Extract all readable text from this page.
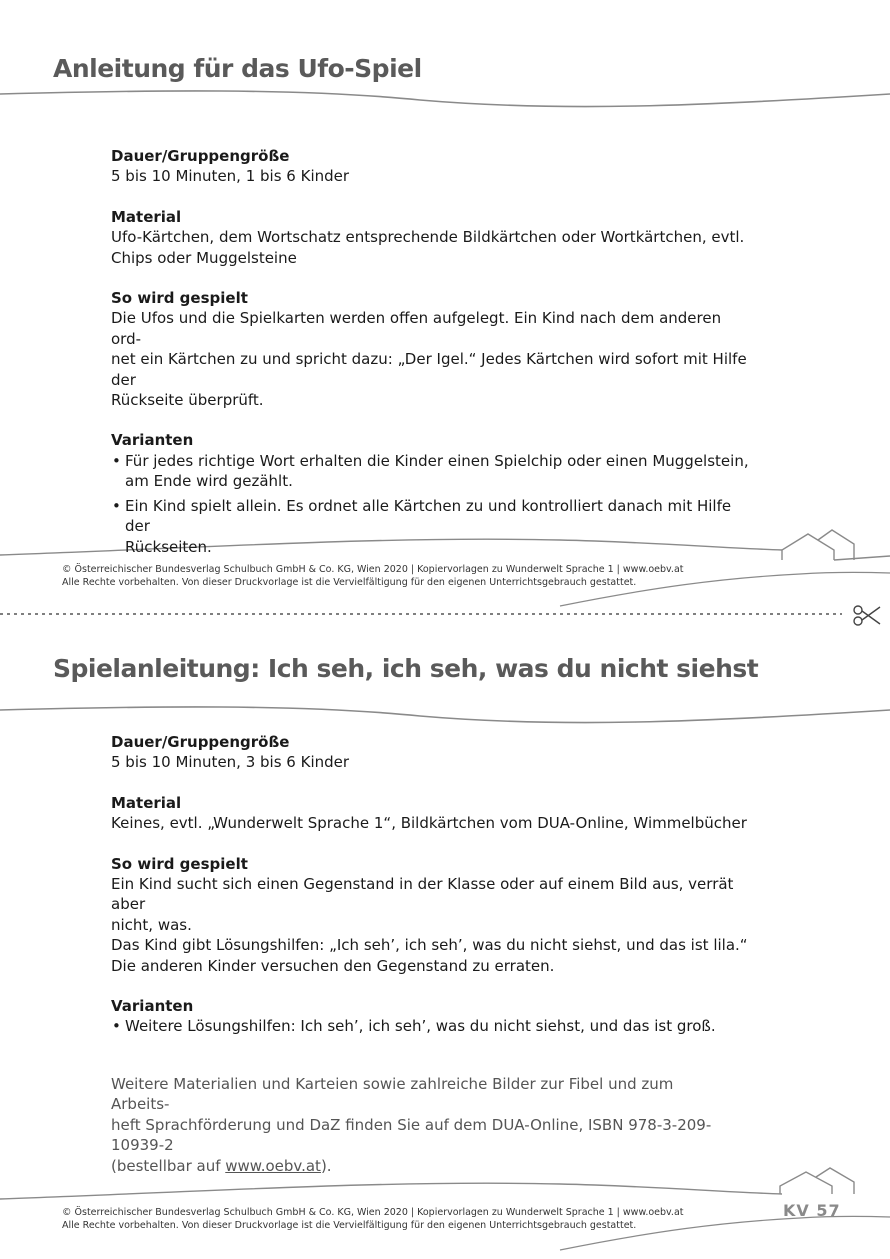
Anleitung für das Ufo-Spiel

Dauer/Gruppengröße

5 bis 10 Minuten, 1 bis 6 Kinder

Material

Ufo-Kärtchen, dem Wortschatz entsprechende Bildkärtchen oder Wortkärtchen, evtl.

Chips oder Muggelsteine

So wird gespielt

Die Ufos und die Spielkarten werden offen aufgelegt. Ein Kind nach dem anderen ord-

net ein Kärtchen zu und spricht dazu: „Der Igel.“ Jedes Kärtchen wird sofort mit Hilfe der

Rückseite überprüft.

Varianten

• Für jedes richtige Wort erhalten die Kinder einen Spielchip oder einen Muggelstein,
am Ende wird gezählt.
• Ein Kind spielt allein. Es ordnet alle Kärtchen zu und kontrolliert danach mit Hilfe der
Rückseiten.
© Österreichischer Bundesverlag Schulbuch GmbH & Co. KG, Wien 2020 | Kopiervorlagen zu Wunderwelt Sprache 1 | www.oebv.at
Alle Rechte vorbehalten. Von dieser Druckvorlage ist die Vervielfältigung für den eigenen Unterrichtsgebrauch gestattet.
Spielanleitung: Ich seh, ich seh, was du nicht siehst

Dauer/Gruppengröße

5 bis 10 Minuten, 3 bis 6 Kinder

Material

Keines, evtl. „Wunderwelt Sprache 1“, Bildkärtchen vom DUA-Online, Wimmelbücher

So wird gespielt

Ein Kind sucht sich einen Gegenstand in der Klasse oder auf einem Bild aus, verrät aber

nicht, was.

Das Kind gibt Lösungshilfen: „Ich seh’, ich seh’, was du nicht siehst, und das ist lila.“

Die anderen Kinder versuchen den Gegenstand zu erraten.

Varianten

• Weitere Lösungshilfen: Ich seh’, ich seh’, was du nicht siehst, und das ist groß.
Weitere Materialien und Karteien sowie zahlreiche Bilder zur Fibel und zum Arbeits-
heft Sprachförderung und DaZ finden Sie auf dem DUA-Online, ISBN 978-3-209-10939-2
(bestellbar auf www.oebv.at).
© Österreichischer Bundesverlag Schulbuch GmbH & Co. KG, Wien 2020 | Kopiervorlagen zu Wunderwelt Sprache 1 | www.oebv.at
Alle Rechte vorbehalten. Von dieser Druckvorlage ist die Vervielfältigung für den eigenen Unterrichtsgebrauch gestattet.
KV 57
